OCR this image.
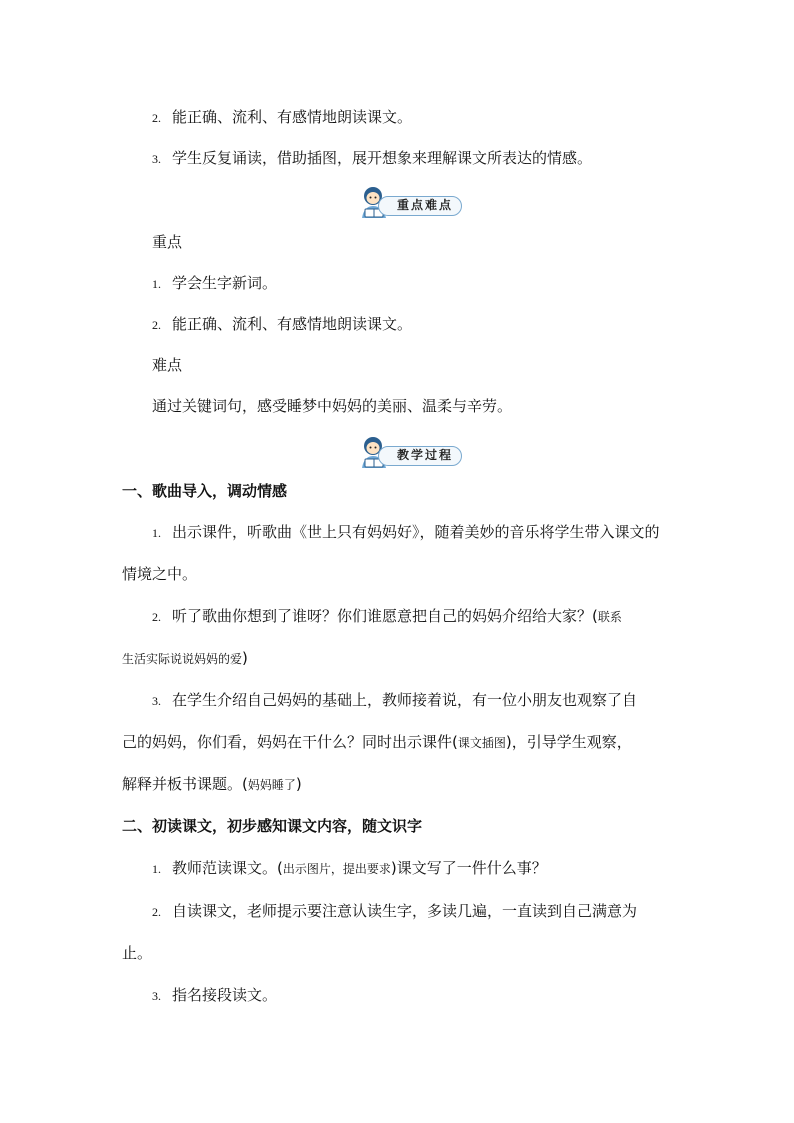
2. 能正确、流利、有感情地朗读课文。
3. 学生反复诵读，借助插图，展开想象来理解课文所表达的情感。
重点难点
重点
1. 学会生字新词。
2. 能正确、流利、有感情地朗读课文。
难点
通过关键词句，感受睡梦中妈妈的美丽、温柔与辛劳。
教学过程
一、歌曲导入，调动情感
1. 出示课件，听歌曲《世上只有妈妈好》，随着美妙的音乐将学生带入课文的
情境之中。
2. 听了歌曲你想到了谁呀？你们谁愿意把自己的妈妈介绍给大家？(联系
生活实际说说妈妈的爱)
3. 在学生介绍自己妈妈的基础上，教师接着说，有一位小朋友也观察了自
己的妈妈，你们看，妈妈在干什么？同时出示课件(课文插图)，引导学生观察，
解释并板书课题。(妈妈睡了)
二、初读课文，初步感知课文内容，随文识字
1. 教师范读课文。(出示图片，提出要求)课文写了一件什么事？
2. 自读课文，老师提示要注意认读生字，多读几遍，一直读到自己满意为
止。
3. 指名接段读文。
